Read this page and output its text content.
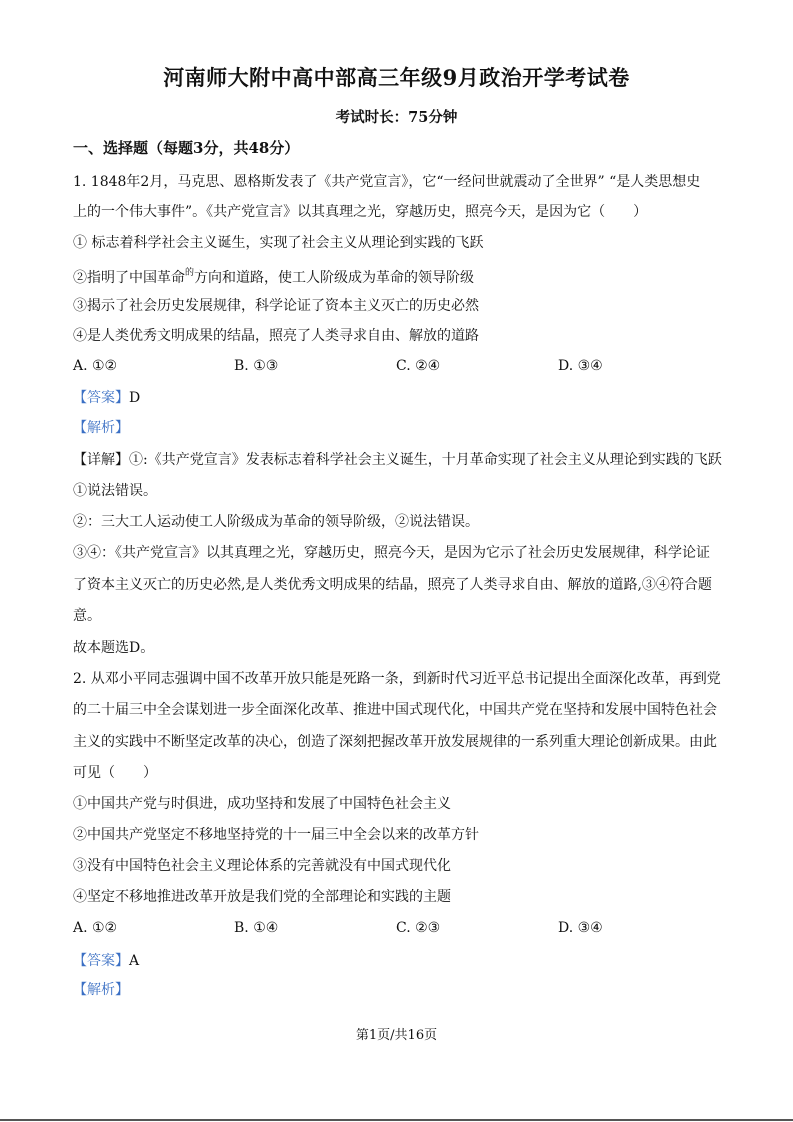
河南师大附中高中部高三年级9月政治开学考试卷
考试时长：75分钟
一、选择题（每题3分，共48分）
1. 1848年2月，马克思、恩格斯发表了《共产党宣言》，它“一经问世就震动了全世界” “是人类思想史
上的一个伟大事件”。《共产党宣言》以其真理之光，穿越历史，照亮今天，是因为它（　　）
① 标志着科学社会主义诞生，实现了社会主义从理论到实践的飞跃
②指明了中国革命$^的$方向和道路，使工人阶级成为革命的领导阶级
③揭示了社会历史发展规律，科学论证了资本主义灭亡的历史必然
④是人类优秀文明成果的结晶，照亮了人类寻求自由、解放的道路
A. ①②	B. ①③	C. ②④	D. ③④
【答案】D
【解析】
【详解】①:《共产党宣言》发表标志着科学社会主义诞生，十月革命实现了社会主义从理论到实践的飞跃
①说法错误。
②：三大工人运动使工人阶级成为革命的领导阶级，②说法错误。
③④：《共产党宣言》以其真理之光，穿越历史，照亮今天，是因为它示了社会历史发展规律，科学论证
了资本主义灭亡的历史必然,是人类优秀文明成果的结晶，照亮了人类寻求自由、解放的道路,③④符合题
意。
故本题选D。
2. 从邓小平同志强调中国不改革开放只能是死路一条，到新时代习近平总书记提出全面深化改革，再到党
的二十届三中全会谋划进一步全面深化改革、推进中国式现代化，中国共产党在坚持和发展中国特色社会
主义的实践中不断坚定改革的决心，创造了深刻把握改革开放发展规律的一系列重大理论创新成果。由此
可见（　　）
①中国共产党与时俱进，成功坚持和发展了中国特色社会主义
②中国共产党坚定不移地坚持党的十一届三中全会以来的改革方针
③没有中国特色社会主义理论体系的完善就没有中国式现代化
④坚定不移地推进改革开放是我们党的全部理论和实践的主题
A. ①②	B. ①④	C. ②③	D. ③④
【答案】A
【解析】
第1页/共16页
